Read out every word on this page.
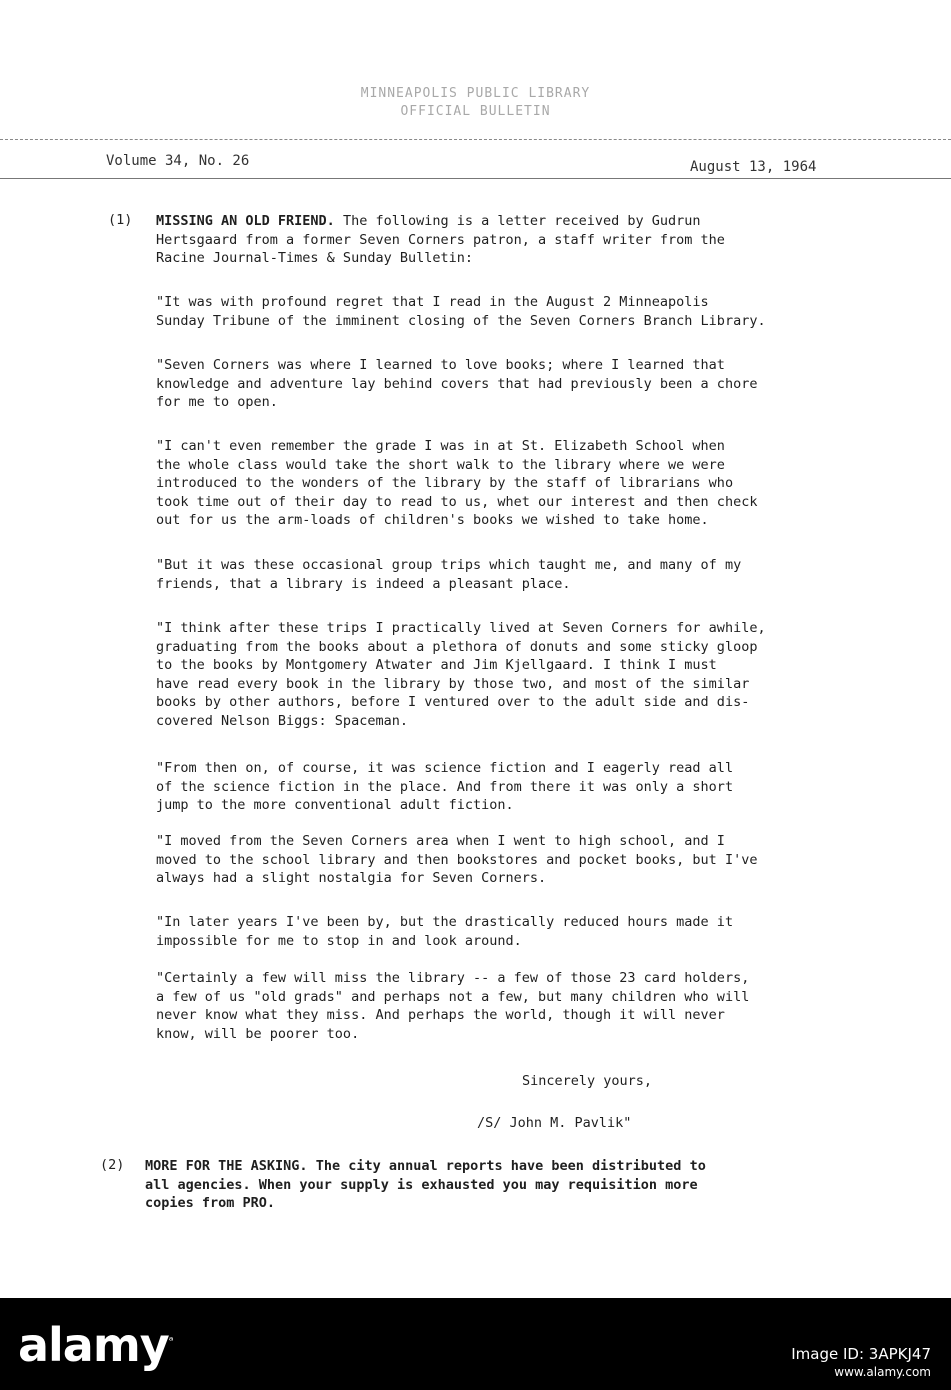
MINNEAPOLIS PUBLIC LIBRARY
OFFICIAL BULLETIN
Volume 34, No. 26	August 13, 1964
(1) MISSING AN OLD FRIEND. The following is a letter received by Gudrun
Hertsgaard from a former Seven Corners patron, a staff writer from the
Racine Journal-Times & Sunday Bulletin:
"It was with profound regret that I read in the August 2 Minneapolis
Sunday Tribune of the imminent closing of the Seven Corners Branch Library.
"Seven Corners was where I learned to love books; where I learned that
knowledge and adventure lay behind covers that had previously been a chore
for me to open.
"I can't even remember the grade I was in at St. Elizabeth School when
the whole class would take the short walk to the library where we were
introduced to the wonders of the library by the staff of librarians who
took time out of their day to read to us, whet our interest and then check
out for us the arm-loads of children's books we wished to take home.
"But it was these occasional group trips which taught me, and many of my
friends, that a library is indeed a pleasant place.
"I think after these trips I practically lived at Seven Corners for awhile,
graduating from the books about a plethora of donuts and some sticky gloop
to the books by Montgomery Atwater and Jim Kjellgaard. I think I must
have read every book in the library by those two, and most of the similar
books by other authors, before I ventured over to the adult side and dis-
covered Nelson Biggs: Spaceman.
"From then on, of course, it was science fiction and I eagerly read all
of the science fiction in the place. And from there it was only a short
jump to the more conventional adult fiction.
"I moved from the Seven Corners area when I went to high school, and I
moved to the school library and then bookstores and pocket books, but I've
always had a slight nostalgia for Seven Corners.
"In later years I've been by, but the drastically reduced hours made it
impossible for me to stop in and look around.
"Certainly a few will miss the library -- a few of those 23 card holders,
a few of us "old grads" and perhaps not a few, but many children who will
never know what they miss. And perhaps the world, though it will never
know, will be poorer too.
Sincerely yours,
/S/ John M. Pavlik"
(2) MORE FOR THE ASKING. The city annual reports have been distributed to
all agencies. When your supply is exhausted you may requisition more
copies from PRO.
alamy$^ᵃ$
Image ID: 3APKJ47
www.alamy.com
